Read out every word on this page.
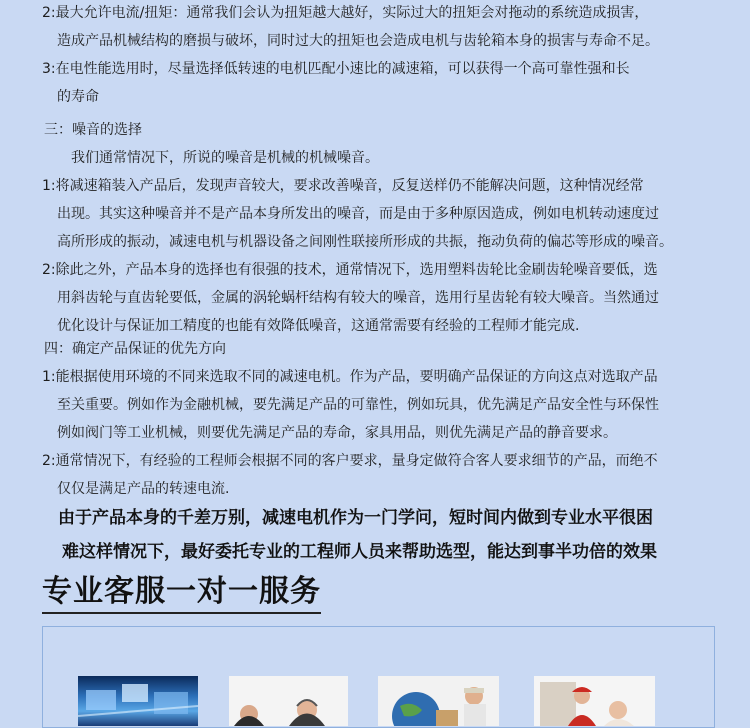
2:最大允许电流/扭矩：通常我们会认为扭矩越大越好，实际过大的扭矩会对拖动的系统造成损害，
造成产品机械结构的磨损与破坏，同时过大的扭矩也会造成电机与齿轮箱本身的损害与寿命不足。
3:在电性能选用时，尽量选择低转速的电机匹配小速比的减速箱，可以获得一个高可靠性强和长
的寿命
三：噪音的选择
我们通常情况下，所说的噪音是机械的机械噪音。
1:将减速箱装入产品后，发现声音较大，要求改善噪音，反复送样仍不能解决问题，这种情况经常
出现。其实这种噪音并不是产品本身所发出的噪音，而是由于多种原因造成，例如电机转动速度过
高所形成的振动，减速电机与机器设备之间刚性联接所形成的共振，拖动负荷的偏芯等形成的噪音。
2:除此之外，产品本身的选择也有很强的技术，通常情况下，选用塑料齿轮比金刷齿轮噪音要低，选
用斜齿轮与直齿轮要低，金属的涡轮蜗杆结构有较大的噪音，选用行星齿轮有较大噪音。当然通过
优化设计与保证加工精度的也能有效降低噪音，这通常需要有经验的工程师才能完成.
四：确定产品保证的优先方向
1:能根据使用环境的不同来选取不同的减速电机。作为产品，要明确产品保证的方向这点对选取产品
至关重要。例如作为金融机械，要先满足产品的可靠性，例如玩具，优先满足产品安全性与环保性
例如阀门等工业机械，则要优先满足产品的寿命，家具用品，则优先满足产品的静音要求。
2:通常情况下，有经验的工程师会根据不同的客户要求，量身定做符合客人要求细节的产品，而绝不
仅仅是满足产品的转速电流.
由于产品本身的千差万别，减速电机作为一门学问，短时间内做到专业水平很困
难这样情况下，最好委托专业的工程师人员来帮助选型，能达到事半功倍的效果
专业客服一对一服务
